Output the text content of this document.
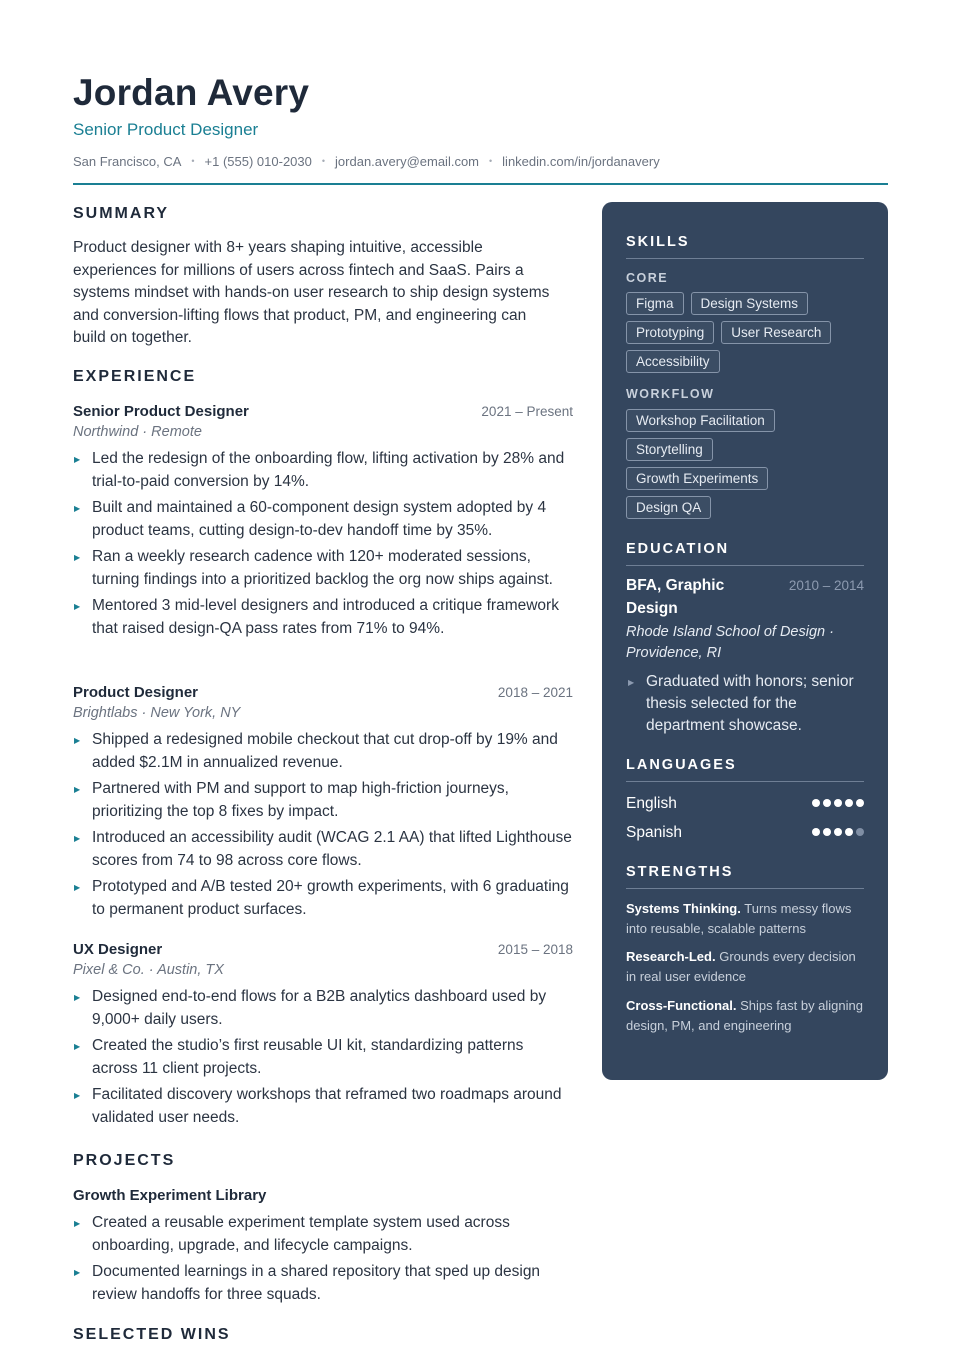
Jordan Avery
Senior Product Designer
San Francisco, CA • +1 (555) 010-2030 • jordan.avery@email.com • linkedin.com/in/jordanavery
SUMMARY
Product designer with 8+ years shaping intuitive, accessible experiences for millions of users across fintech and SaaS. Pairs a systems mindset with hands-on user research to ship design systems and conversion-lifting flows that product, PM, and engineering can build on together.
EXPERIENCE
Senior Product Designer	2021 – Present
Northwind · Remote
▶ Led the redesign of the onboarding flow, lifting activation by 28% and trial-to-paid conversion by 14%.
▶ Built and maintained a 60-component design system adopted by 4 product teams, cutting design-to-dev handoff time by 35%.
▶ Ran a weekly research cadence with 120+ moderated sessions, turning findings into a prioritized backlog the org now ships against.
▶ Mentored 3 mid-level designers and introduced a critique framework that raised design-QA pass rates from 71% to 94%.
Product Designer	2018 – 2021
Brightlabs · New York, NY
▶ Shipped a redesigned mobile checkout that cut drop-off by 19% and added $2.1M in annualized revenue.
▶ Partnered with PM and support to map high-friction journeys, prioritizing the top 8 fixes by impact.
▶ Introduced an accessibility audit (WCAG 2.1 AA) that lifted Lighthouse scores from 74 to 98 across core flows.
▶ Prototyped and A/B tested 20+ growth experiments, with 6 graduating to permanent product surfaces.
UX Designer	2015 – 2018
Pixel & Co. · Austin, TX
▶ Designed end-to-end flows for a B2B analytics dashboard used by 9,000+ daily users.
▶ Created the studio’s first reusable UI kit, standardizing patterns across 11 client projects.
▶ Facilitated discovery workshops that reframed two roadmaps around validated user needs.
PROJECTS
Growth Experiment Library
▶ Created a reusable experiment template system used across onboarding, upgrade, and lifecycle campaigns.
▶ Documented learnings in a shared repository that sped up design review handoffs for three squads.
SELECTED WINS
SKILLS
CORE
Figma	Design Systems
Prototyping	User Research
Accessibility
WORKFLOW
Workshop Facilitation
Storytelling
Growth Experiments
Design QA
EDUCATION
BFA, Graphic Design
2010 – 2014
Rhode Island School of Design · Providence, RI
▶ Graduated with honors; senior thesis selected for the department showcase.
LANGUAGES
English
Spanish
STRENGTHS
Systems Thinking. Turns messy flows into reusable, scalable patterns
Research-Led. Grounds every decision in real user evidence
Cross-Functional. Ships fast by aligning design, PM, and engineering
